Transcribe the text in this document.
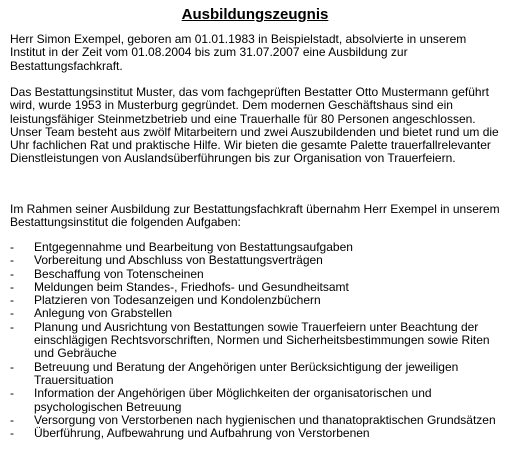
Ausbildungszeugnis

Herr Simon Exempel, geboren am 01.01.1983 in Beispielstadt, absolvierte in unserem
Institut in der Zeit vom 01.08.2004 bis zum 31.07.2007 eine Ausbildung zur
Bestattungsfachkraft.

Das Bestattungsinstitut Muster, das vom fachgeprüften Bestatter Otto Mustermann geführt
wird, wurde 1953 in Musterburg gegründet. Dem modernen Geschäftshaus sind ein
leistungsfähiger Steinmetzbetrieb und eine Trauerhalle für 80 Personen angeschlossen.
Unser Team besteht aus zwölf Mitarbeitern und zwei Auszubildenden und bietet rund um die
Uhr fachlichen Rat und praktische Hilfe. Wir bieten die gesamte Palette trauerfallrelevanter
Dienstleistungen von Auslandsüberführungen bis zur Organisation von Trauerfeiern.

Im Rahmen seiner Ausbildung zur Bestattungsfachkraft übernahm Herr Exempel in unserem
Bestattungsinstitut die folgenden Aufgaben:

- Entgegennahme und Bearbeitung von Bestattungsaufgaben
- Vorbereitung und Abschluss von Bestattungsverträgen
- Beschaffung von Totenscheinen
- Meldungen beim Standes-, Friedhofs- und Gesundheitsamt
- Platzieren von Todesanzeigen und Kondolenzbüchern
- Anlegung von Grabstellen
- Planung und Ausrichtung von Bestattungen sowie Trauerfeiern unter Beachtung der
einschlägigen Rechtsvorschriften, Normen und Sicherheitsbestimmungen sowie Riten
und Gebräuche
- Betreuung und Beratung der Angehörigen unter Berücksichtigung der jeweiligen
Trauersituation
- Information der Angehörigen über Möglichkeiten der organisatorischen und
psychologischen Betreuung
- Versorgung von Verstorbenen nach hygienischen und thanatopraktischen Grundsätzen
- Überführung, Aufbewahrung und Aufbahrung von Verstorbenen
